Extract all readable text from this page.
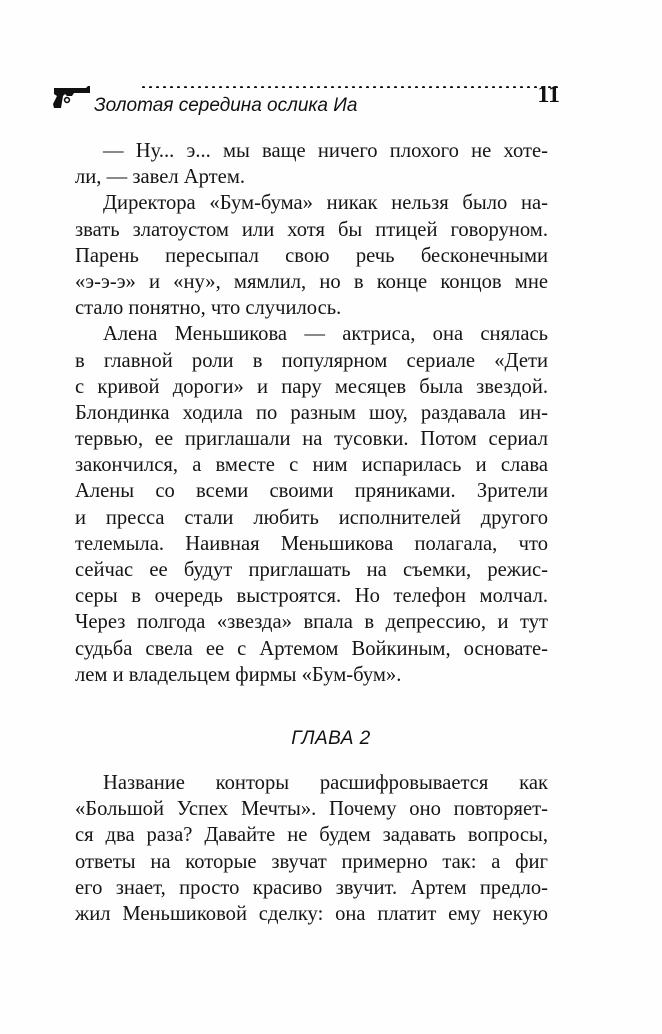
Золотая середина ослика Иа	11
— Ну... э... мы ваще ничего плохого не хоте-
ли, — завел Артем.
Директора «Бум-бума» никак нельзя было на-
звать златоустом или хотя бы птицей говоруном.
Парень пересыпал свою речь бесконечными
«э-э-э» и «ну», мямлил, но в конце концов мне
стало понятно, что случилось.
Алена Меньшикова — актриса, она снялась
в главной роли в популярном сериале «Дети
с кривой дороги» и пару месяцев была звездой.
Блондинка ходила по разным шоу, раздавала ин-
тервью, ее приглашали на тусовки. Потом сериал
закончился, а вместе с ним испарилась и слава
Алены со всеми своими пряниками. Зрители
и пресса стали любить исполнителей другого
телемыла. Наивная Меньшикова полагала, что
сейчас ее будут приглашать на съемки, режис-
серы в очередь выстроятся. Но телефон молчал.
Через полгода «звезда» впала в депрессию, и тут
судьба свела ее с Артемом Войкиным, основате-
лем и владельцем фирмы «Бум-бум».
ГЛАВА 2
Название конторы расшифровывается как
«Большой Успех Мечты». Почему оно повторяет-
ся два раза? Давайте не будем задавать вопросы,
ответы на которые звучат примерно так: а фиг
его знает, просто красиво звучит. Артем предло-
жил Меньшиковой сделку: она платит ему некую
